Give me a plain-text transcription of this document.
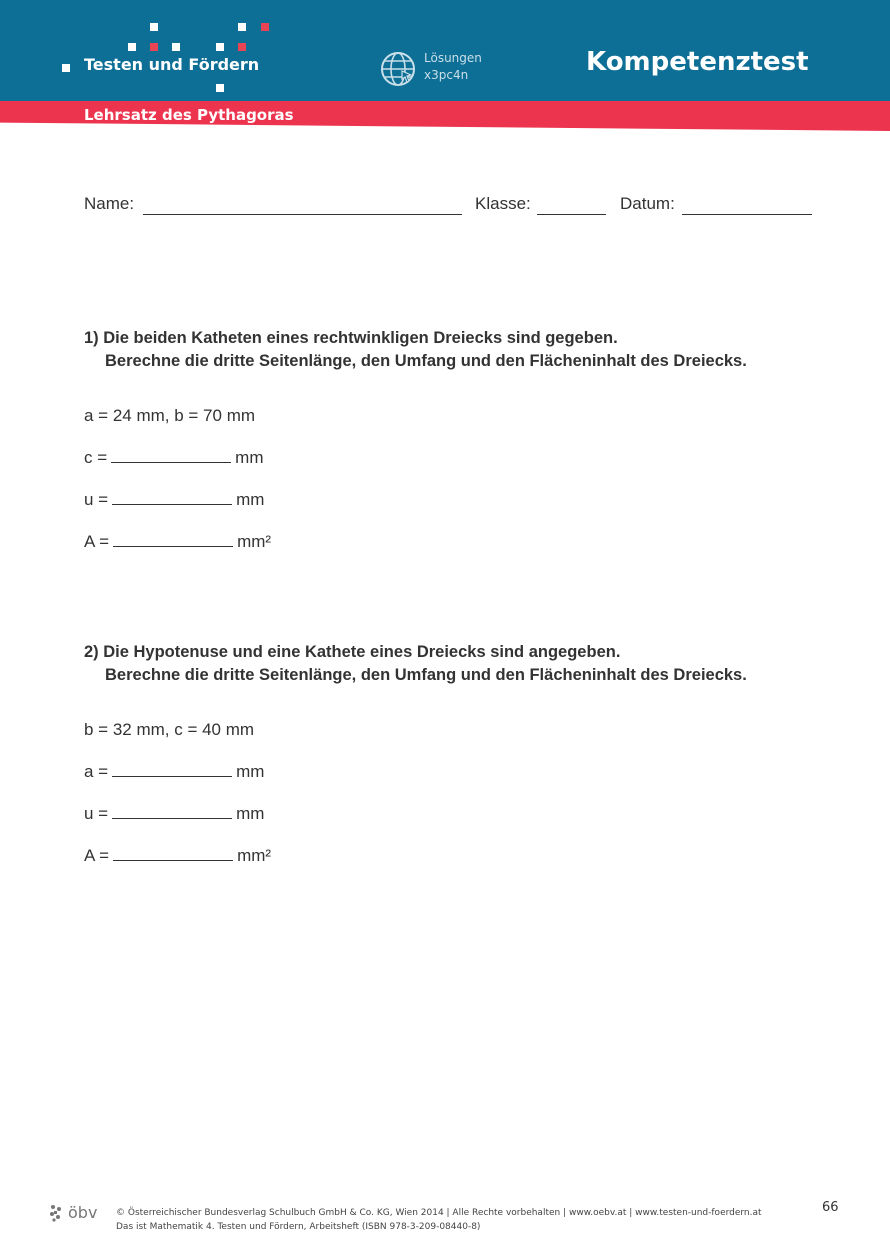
Lehrsatz des Pythagoras
Testen und Fördern	Lösungen
x3pc4n	Kompetenztest
Name:	Klasse:	Datum:
1) Die beiden Katheten eines rechtwinkligen Dreiecks sind gegeben.
Berechne die dritte Seitenlänge, den Umfang und den Flächeninhalt des Dreiecks.
a = 24 mm, b = 70 mm
c =	mm
u =	mm
A =	mm²
2) Die Hypotenuse und eine Kathete eines Dreiecks sind angegeben.
Berechne die dritte Seitenlänge, den Umfang und den Flächeninhalt des Dreiecks.
b = 32 mm, c = 40 mm
a =	mm
u =	mm
A =	mm²
öbv © Österreichischer Bundesverlag Schulbuch GmbH & Co. KG, Wien 2014 | Alle Rechte vorbehalten | www.oebv.at | www.testen-und-foerdern.at
Das ist Mathematik 4. Testen und Fördern, Arbeitsheft (ISBN 978-3-209-08440-8)
66
